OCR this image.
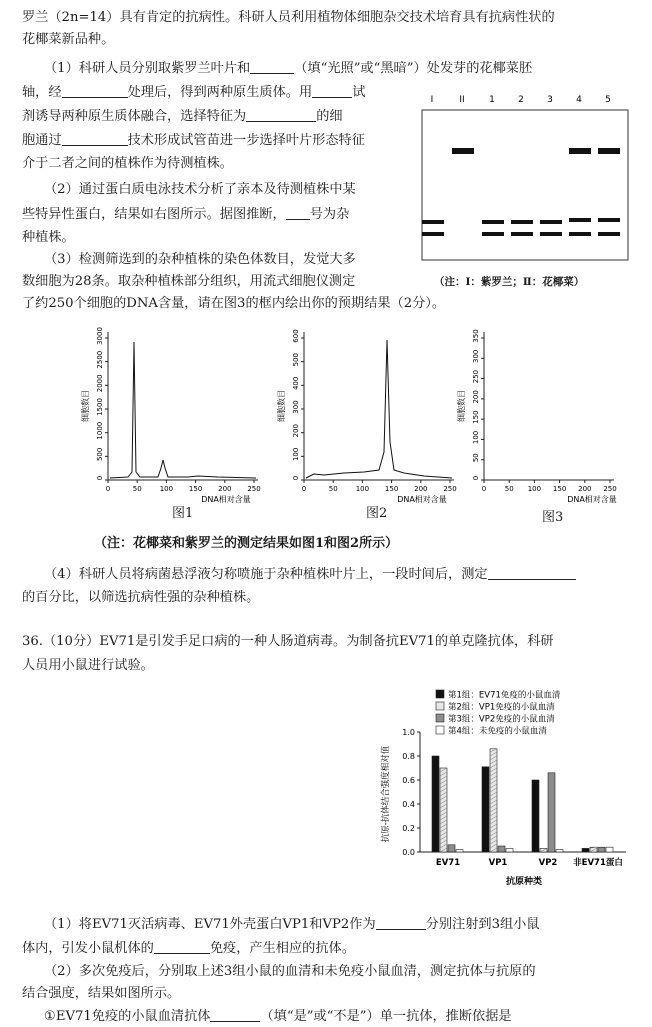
罗兰（2n=14）具有肯定的抗病性。科研人员利用植物体细胞杂交技术培育具有抗病性状的
花椰菜新品种。
（1）科研人员分别取紫罗兰叶片和	（填“光照”或“黑暗”）处发芽的花椰菜胚
轴，经	处理后，得到两种原生质体。用	试
剂诱导两种原生质体融合，选择特征为	的细
胞通过	技术形成试管苗进一步选择叶片形态特征
介于二者之间的植株作为待测植株。
（2）通过蛋白质电泳技术分析了亲本及待测植株中某
些特异性蛋白，结果如右图所示。据图推断， 号为杂
种植株。
（3）检测筛选到的杂种植株的染色体数目，发觉大多
数细胞为28条。取杂种植株部分组织，用流式细胞仪测定
了约250个细胞的DNA含量，请在图3的框内绘出你的预期结果（2分）。
I	II	1	2	3	4	5
（注：Ⅰ：紫罗兰；Ⅱ：花椰菜）
0
500
1000
1500
2000
2500
3000
0	50	100 150 200 250
细胞数目
DNA相对含量
0
100
200
300
400
500
600
0	50	100 150 200 250
细胞数目
DNA相对含量
0
50
100
150
200
250
300
350
0	50 100 150 200 250
细胞数目
DNA相对含量
图1	图2	图3
（注：花椰菜和紫罗兰的测定结果如图1和图2所示）
（4）科研人员将病菌悬浮液匀称喷施于杂种植株叶片上，一段时间后，测定
的百分比，以筛选抗病性强的杂种植株。
36.（10分）EV71是引发手足口病的一种人肠道病毒。为制备抗EV71的单克隆抗体，科研
人员用小鼠进行试验。
抗原-抗体结合强度相对值
0.0
0.2
0.4
0.6
0.8
1.0
EV71	VP1	VP2 非EV71蛋白
第1组：EV71免疫的小鼠血清
第2组：VP1免疫的小鼠血清
第3组：VP2免疫的小鼠血清
第4组：未免疫的小鼠血清
抗原种类
（1）将EV71灭活病毒、EV71外壳蛋白VP1和VP2作为	分别注射到3组小鼠
体内，引发小鼠机体的	免疫，产生相应的抗体。
（2）多次免疫后，分别取上述3组小鼠的血清和未免疫小鼠血清，测定抗体与抗原的
结合强度，结果如图所示。
①EV71免疫的小鼠血清抗体	（填“是”或“不是”）单一抗体，推断依据是
